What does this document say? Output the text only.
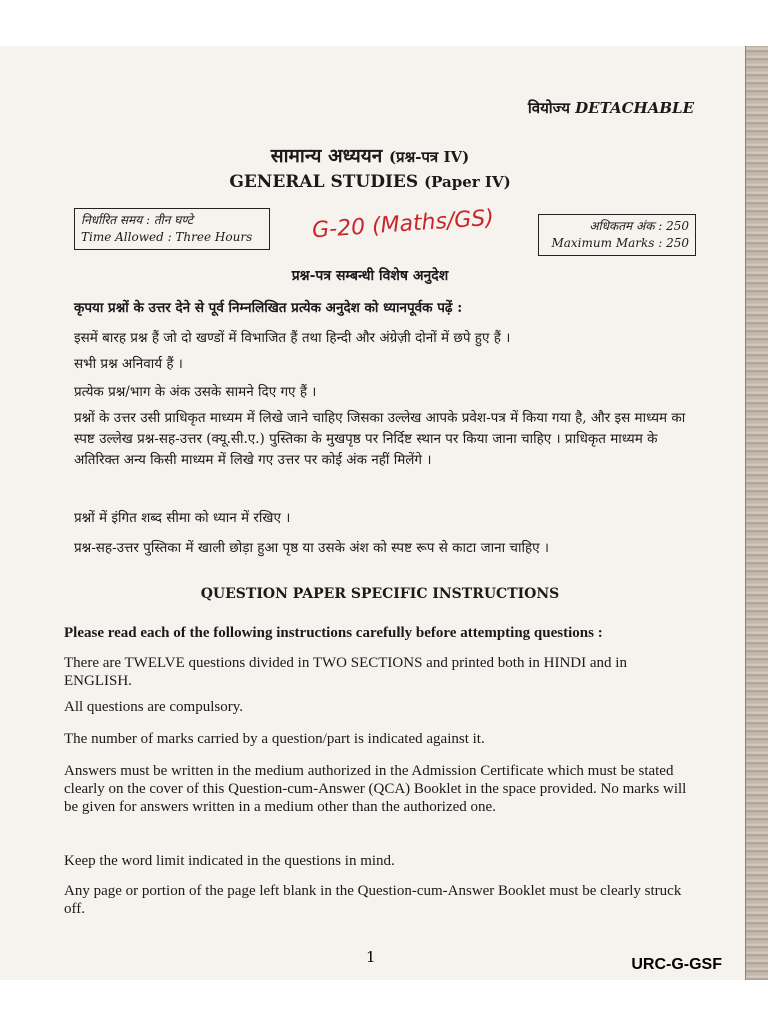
वियोज्य DETACHABLE
सामान्य अध्ययन (प्रश्न-पत्र IV)
GENERAL STUDIES (Paper IV)
निर्धारित समय : तीन घण्टे
Time Allowed : Three Hours	G-20 (Maths/GS)	अधिकतम अंक : 250
Maximum Marks : 250
प्रश्न-पत्र सम्बन्धी विशेष अनुदेश
कृपया प्रश्नों के उत्तर देने से पूर्व निम्नलिखित प्रत्येक अनुदेश को ध्यानपूर्वक पढ़ें :
इसमें बारह प्रश्न हैं जो दो खण्डों में विभाजित हैं तथा हिन्दी और अंग्रेज़ी दोनों में छपे हुए हैं ।
सभी प्रश्न अनिवार्य हैं ।
प्रत्येक प्रश्न/भाग के अंक उसके सामने दिए गए हैं ।
प्रश्नों के उत्तर उसी प्राधिकृत माध्यम में लिखे जाने चाहिए जिसका उल्लेख आपके प्रवेश-पत्र में किया गया है, और इस माध्यम का स्पष्ट उल्लेख प्रश्न-सह-उत्तर (क्यू.सी.ए.) पुस्तिका के मुखपृष्ठ पर निर्दिष्ट स्थान पर किया जाना चाहिए । प्राधिकृत माध्यम के अतिरिक्त अन्य किसी माध्यम में लिखे गए उत्तर पर कोई अंक नहीं मिलेंगे ।
प्रश्नों में इंगित शब्द सीमा को ध्यान में रखिए ।
प्रश्न-सह-उत्तर पुस्तिका में खाली छोड़ा हुआ पृष्ठ या उसके अंश को स्पष्ट रूप से काटा जाना चाहिए ।
QUESTION PAPER SPECIFIC INSTRUCTIONS
Please read each of the following instructions carefully before attempting questions :
There are TWELVE questions divided in TWO SECTIONS and printed both in HINDI and in ENGLISH.
All questions are compulsory.
The number of marks carried by a question/part is indicated against it.
Answers must be written in the medium authorized in the Admission Certificate which must be stated clearly on the cover of this Question-cum-Answer (QCA) Booklet in the space provided. No marks will be given for answers written in a medium other than the authorized one.
Keep the word limit indicated in the questions in mind.
Any page or portion of the page left blank in the Question-cum-Answer Booklet must be clearly struck off.
1	URC-G-GSF
